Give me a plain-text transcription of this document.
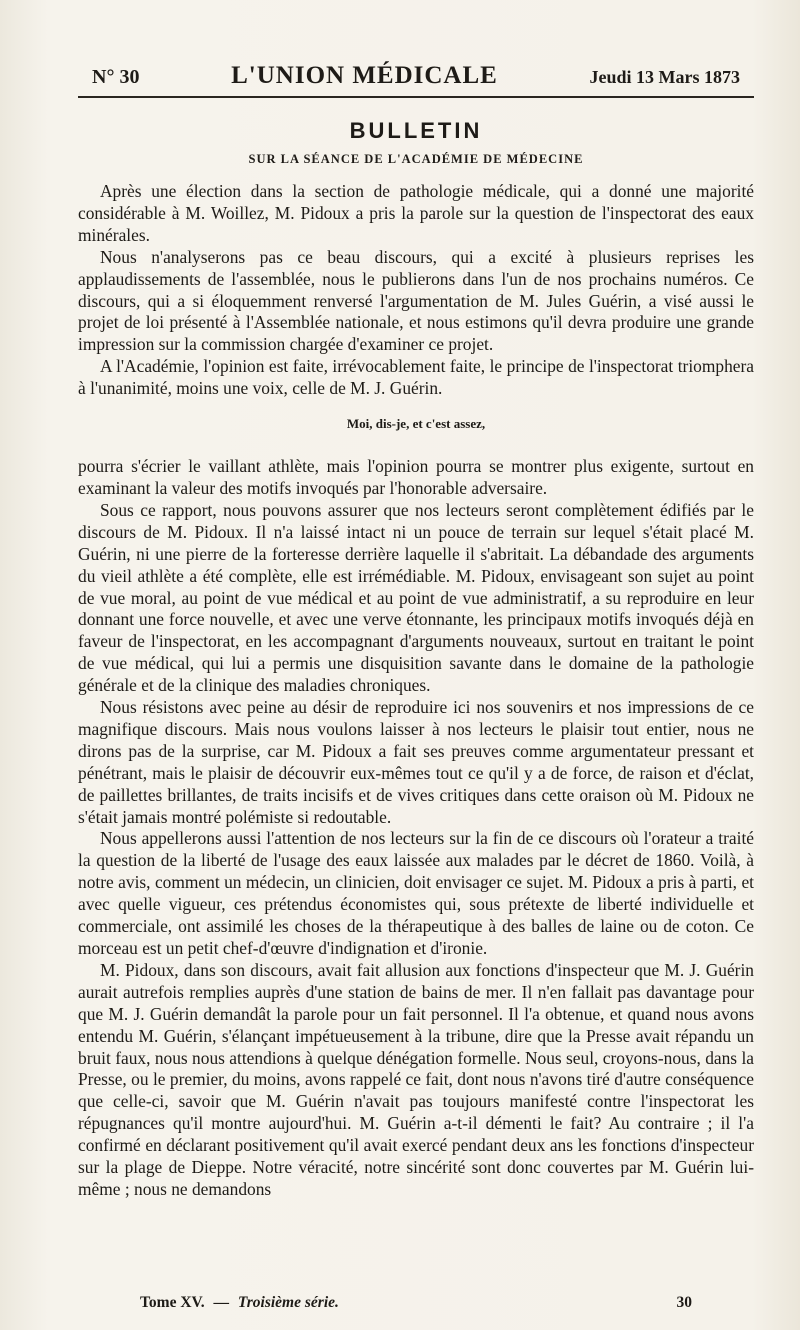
N° 30	L'UNION MÉDICALE	Jeudi 13 Mars 1873
BULLETIN
SUR LA SÉANCE DE L'ACADÉMIE DE MÉDECINE

Après une élection dans la section de pathologie médicale, qui a donné une majorité considérable à M. Woillez, M. Pidoux a pris la parole sur la question de l'inspectorat des eaux minérales.

Nous n'analyserons pas ce beau discours, qui a excité à plusieurs reprises les applaudissements de l'assemblée, nous le publierons dans l'un de nos prochains numéros. Ce discours, qui a si éloquemment renversé l'argumentation de M. Jules Guérin, a visé aussi le projet de loi présenté à l'Assemblée nationale, et nous estimons qu'il devra produire une grande impression sur la commission chargée d'examiner ce projet.

A l'Académie, l'opinion est faite, irrévocablement faite, le principe de l'inspectorat triomphera à l'unanimité, moins une voix, celle de M. J. Guérin.

Moi, dis-je, et c'est assez,

pourra s'écrier le vaillant athlète, mais l'opinion pourra se montrer plus exigente, surtout en examinant la valeur des motifs invoqués par l'honorable adversaire.

Sous ce rapport, nous pouvons assurer que nos lecteurs seront complètement édifiés par le discours de M. Pidoux. Il n'a laissé intact ni un pouce de terrain sur lequel s'était placé M. Guérin, ni une pierre de la forteresse derrière laquelle il s'abritait. La débandade des arguments du vieil athlète a été complète, elle est irrémédiable. M. Pidoux, envisageant son sujet au point de vue moral, au point de vue médical et au point de vue administratif, a su reproduire en leur donnant une force nouvelle, et avec une verve étonnante, les principaux motifs invoqués déjà en faveur de l'inspectorat, en les accompagnant d'arguments nouveaux, surtout en traitant le point de vue médical, qui lui a permis une disquisition savante dans le domaine de la pathologie générale et de la clinique des maladies chroniques.

Nous résistons avec peine au désir de reproduire ici nos souvenirs et nos impressions de ce magnifique discours. Mais nous voulons laisser à nos lecteurs le plaisir tout entier, nous ne dirons pas de la surprise, car M. Pidoux a fait ses preuves comme argumentateur pressant et pénétrant, mais le plaisir de découvrir eux-mêmes tout ce qu'il y a de force, de raison et d'éclat, de paillettes brillantes, de traits incisifs et de vives critiques dans cette oraison où M. Pidoux ne s'était jamais montré polémiste si redoutable.

Nous appellerons aussi l'attention de nos lecteurs sur la fin de ce discours où l'orateur a traité la question de la liberté de l'usage des eaux laissée aux malades par le décret de 1860. Voilà, à notre avis, comment un médecin, un clinicien, doit envisager ce sujet. M. Pidoux a pris à parti, et avec quelle vigueur, ces prétendus économistes qui, sous prétexte de liberté individuelle et commerciale, ont assimilé les choses de la thérapeutique à des balles de laine ou de coton. Ce morceau est un petit chef-d'œuvre d'indignation et d'ironie.

M. Pidoux, dans son discours, avait fait allusion aux fonctions d'inspecteur que M. J. Guérin aurait autrefois remplies auprès d'une station de bains de mer. Il n'en fallait pas davantage pour que M. J. Guérin demandât la parole pour un fait personnel. Il l'a obtenue, et quand nous avons entendu M. Guérin, s'élançant impétueusement à la tribune, dire que la Presse avait répandu un bruit faux, nous nous attendions à quelque dénégation formelle. Nous seul, croyons-nous, dans la Presse, ou le premier, du moins, avons rappelé ce fait, dont nous n'avons tiré d'autre conséquence que celle-ci, savoir que M. Guérin n'avait pas toujours manifesté contre l'inspectorat les répugnances qu'il montre aujourd'hui. M. Guérin a-t-il démenti le fait? Au contraire ; il l'a confirmé en déclarant positivement qu'il avait exercé pendant deux ans les fonctions d'inspecteur sur la plage de Dieppe. Notre véracité, notre sincérité sont donc couvertes par M. Guérin lui-même ; nous ne demandons

Tome XV. — Troisième série.	30
